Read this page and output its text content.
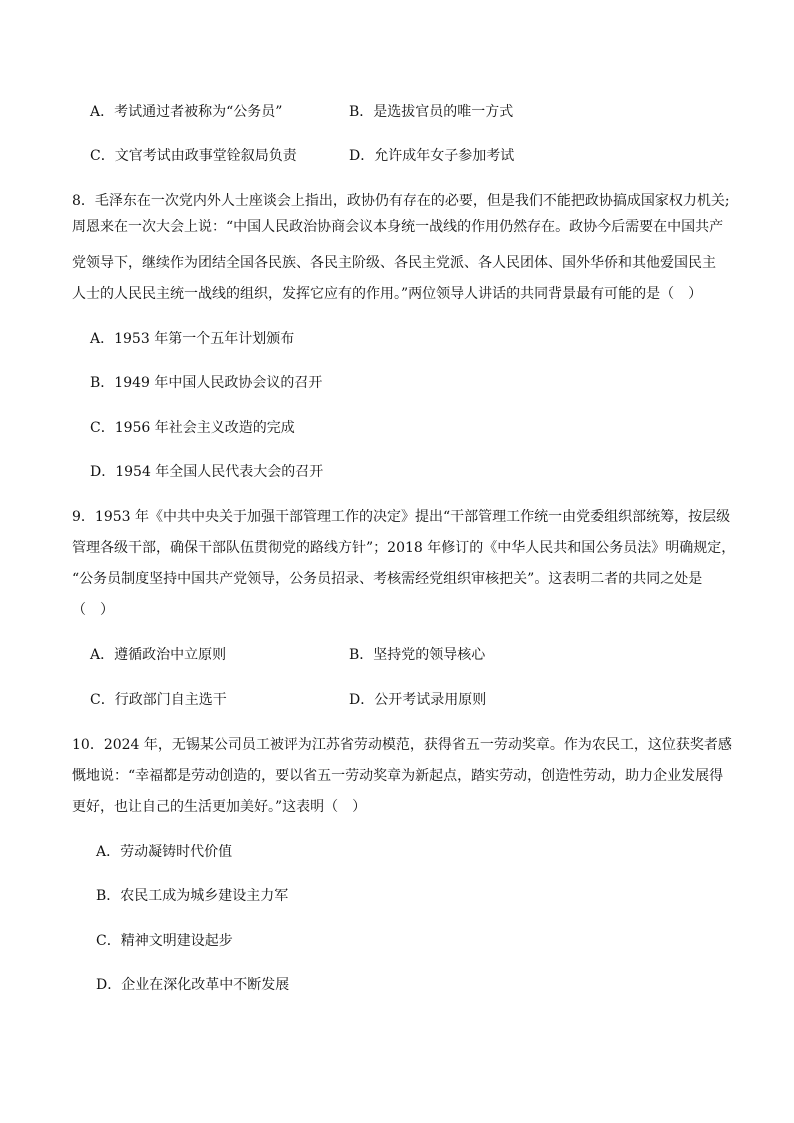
A．考试通过者被称为“公务员”	B．是选拔官员的唯一方式
C．文官考试由政事堂铨叙局负责	D．允许成年女子参加考试
8．毛泽东在一次党内外人士座谈会上指出，政协仍有存在的必要，但是我们不能把政协搞成国家权力机关;
周恩来在一次大会上说：“中国人民政治协商会议本身统一战线的作用仍然存在。政协今后需要在中国共产
党领导下，继续作为团结全国各民族、各民主阶级、各民主党派、各人民团体、国外华侨和其他爱国民主
人士的人民民主统一战线的组织，发挥它应有的作用。”两位领导人讲话的共同背景最有可能的是（　）
A．1953 年第一个五年计划颁布
B．1949 年中国人民政协会议的召开
C．1956 年社会主义改造的完成
D．1954 年全国人民代表大会的召开
9．1953 年《中共中央关于加强干部管理工作的决定》提出“干部管理工作统一由党委组织部统筹，按层级
管理各级干部，确保干部队伍贯彻党的路线方针”；2018 年修订的《中华人民共和国公务员法》明确规定，
“公务员制度坚持中国共产党领导，公务员招录、考核需经党组织审核把关”。这表明二者的共同之处是
（　）
A．遵循政治中立原则	B．坚持党的领导核心
C．行政部门自主选干	D．公开考试录用原则
10．2024 年，无锡某公司员工被评为江苏省劳动模范，获得省五一劳动奖章。作为农民工，这位获奖者感
慨地说：“幸福都是劳动创造的，要以省五一劳动奖章为新起点，踏实劳动，创造性劳动，助力企业发展得
更好，也让自己的生活更加美好。”这表明（　）
A．劳动凝铸时代价值
B．农民工成为城乡建设主力军
C．精神文明建设起步
D．企业在深化改革中不断发展
